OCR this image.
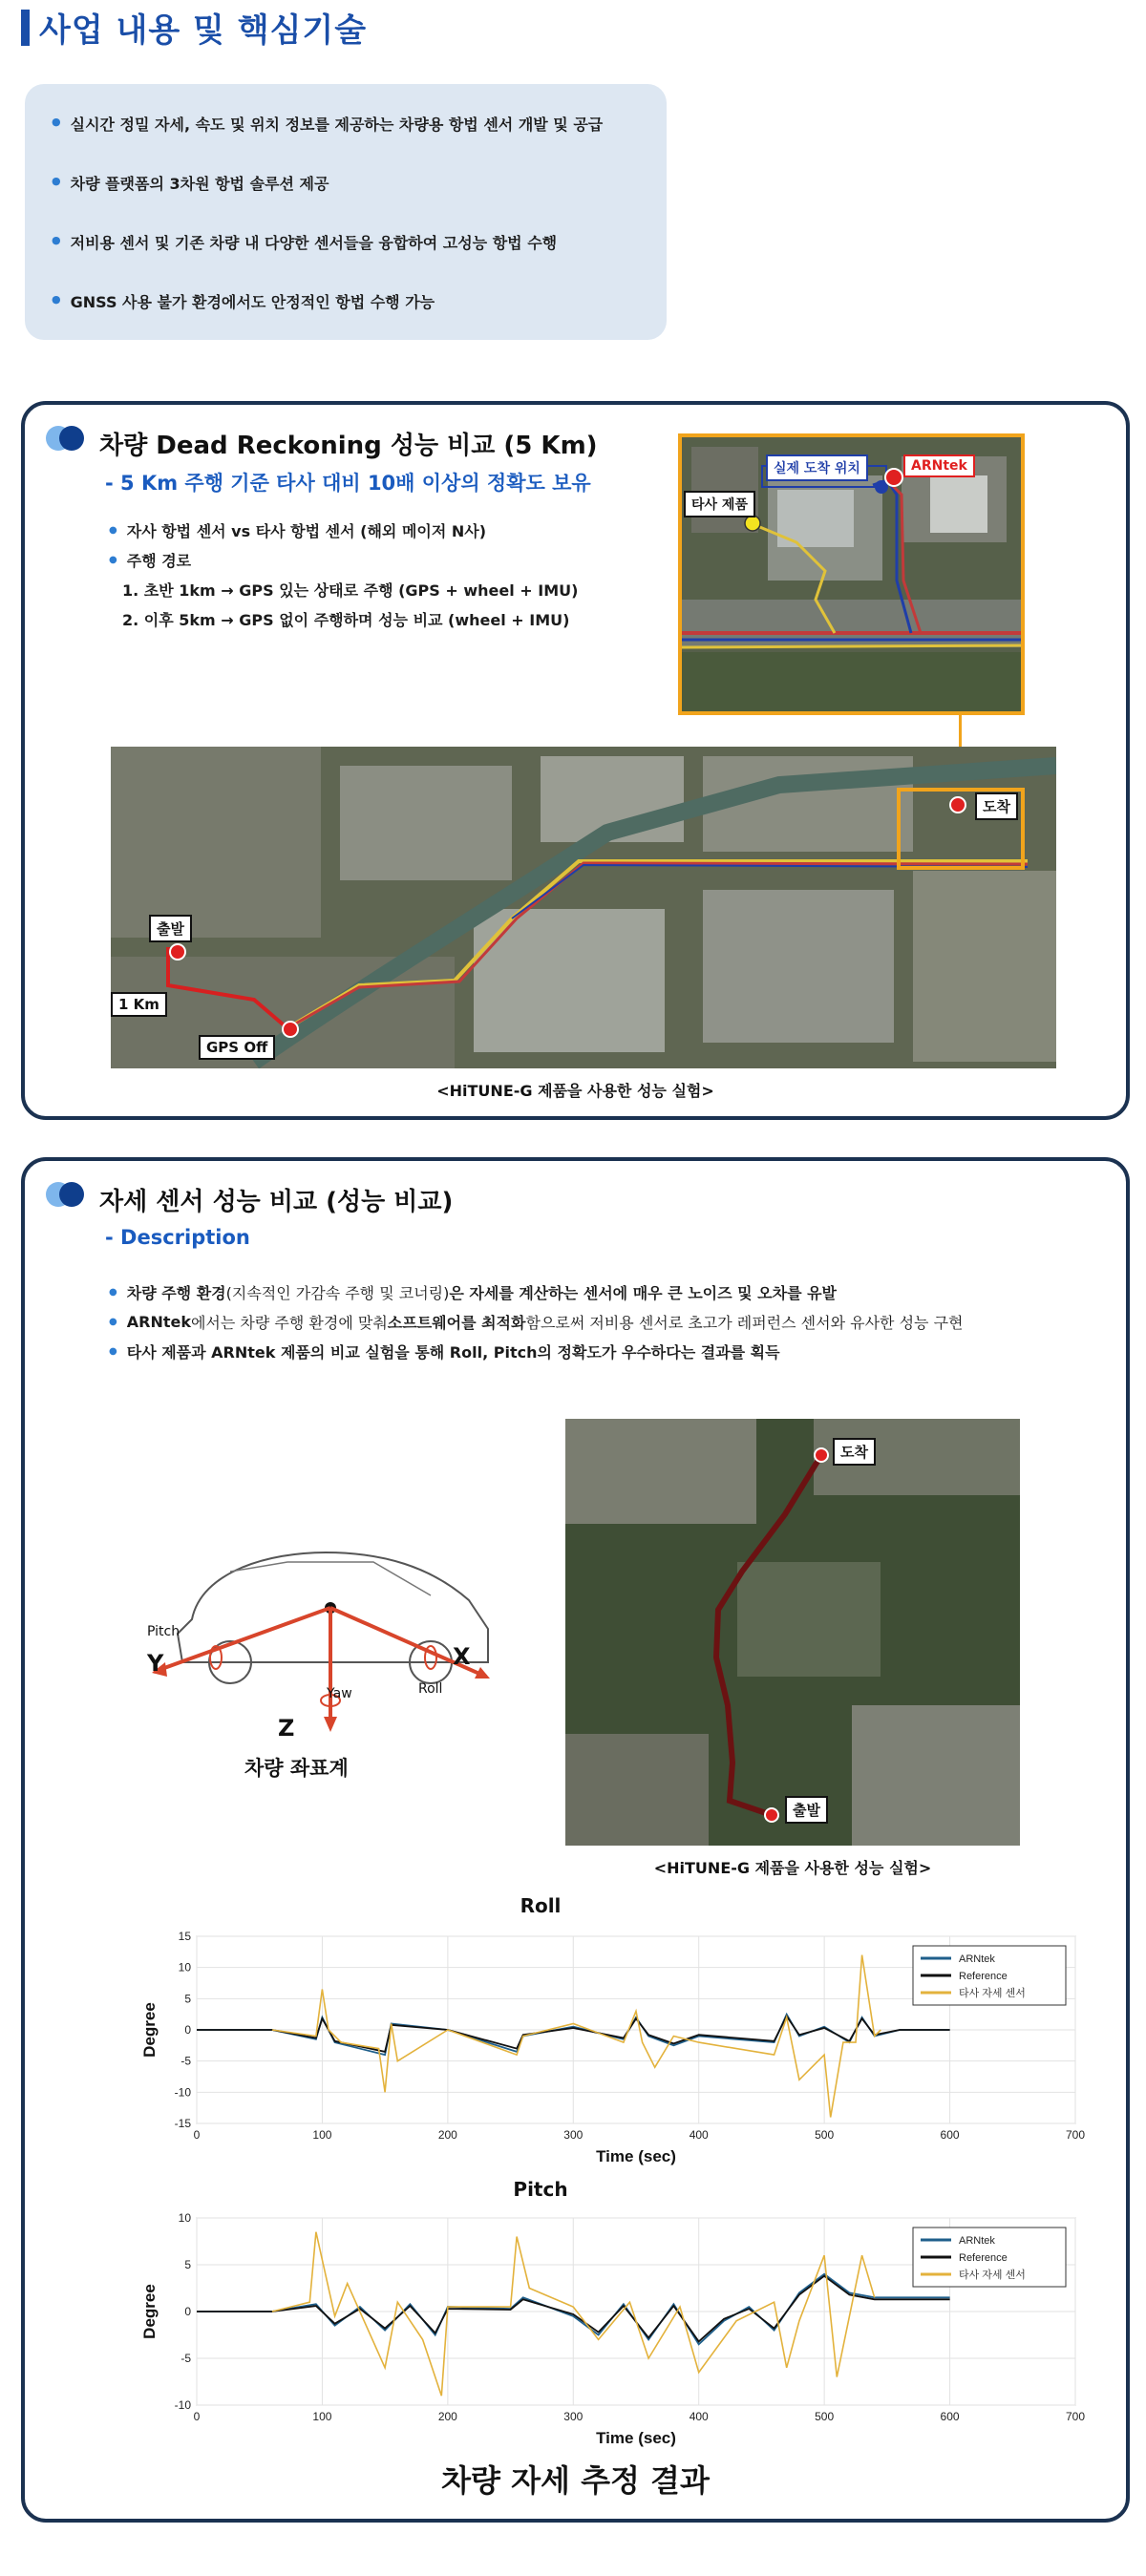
사업 내용 및 핵심기술
● 실시간 정밀 자세, 속도 및 위치 정보를 제공하는 차량용 항법 센서 개발 및 공급
● 차량 플랫폼의 3차원 항법 솔루션 제공
● 저비용 센서 및 기존 차량 내 다양한 센서들을 융합하여 고성능 항법 수행
● GNSS 사용 불가 환경에서도 안정적인 항법 수행 가능
차량 Dead Reckoning 성능 비교 (5 Km)
- 5 Km 주행 기준 타사 대비 10배 이상의 정확도 보유
● 자사 항법 센서 vs 타사 항법 센서 (해외 메이저 N사)
● 주행 경로
1. 초반 1km → GPS 있는 상태로 주행 (GPS + wheel + IMU)
2. 이후 5km → GPS 없이 주행하며 성능 비교 (wheel + IMU)
실제 도착 위치	ARNtek
타사 제품
출발
1 Km
GPS Off
도착
<HiTUNE-G 제품을 사용한 성능 실험>
자세 센서 성능 비교 (성능 비교)
- Description
● 차량 주행 환경 (지속적인 가감속 주행 및 코너링) 은 자세를 계산하는 센서에 매우 큰 노이즈 및 오차를 유발
● ARNtek 에서는 차량 주행 환경에 맞춰 소프트웨어를 최적화 함으로써 저비용 센서로 초고가 레퍼런스 센서와 유사한 성능 구현
● 타사 제품과 ARNtek 제품의 비교 실험을 통해 Roll, Pitch의 정확도가 우수하다는 결과를 획득
Pitch
Y	X
Roll
Yaw
Z
차량 좌표계
도착
출발
<HiTUNE-G 제품을 사용한 성능 실험>
Roll
0	100	200	300	400	500	600	700
15
10
5
0
-5
-10
-15
Time (sec)
Degree
ARNtek
Reference
타사 자세 센서
Pitch
0	100	200	300	400	500	600	700
10
5
0
-5
-10
Time (sec)
Degree
ARNtek
Reference
타사 자세 센서
차량 자세 추정 결과
